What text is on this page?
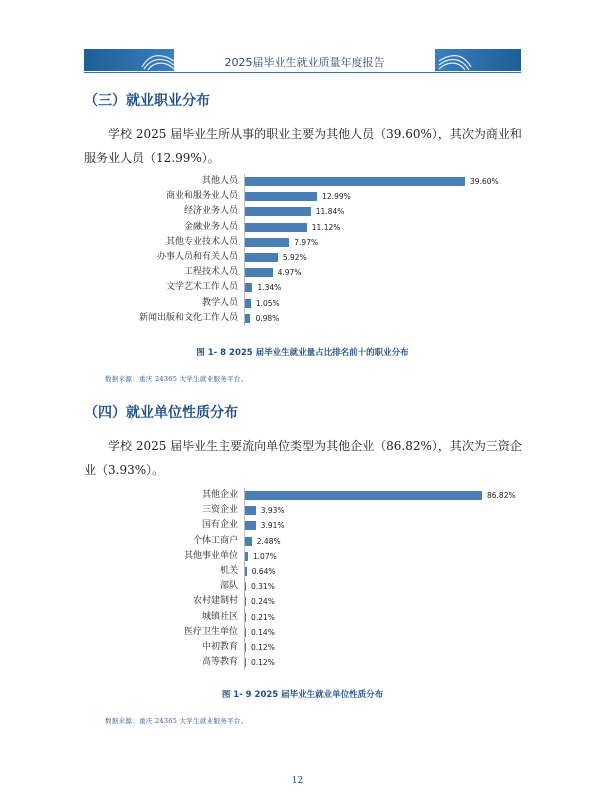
2025届毕业生就业质量年度报告
（三）就业职业分布
学校 2025 届毕业生所从事的职业主要为其他人员（39.60%），其次为商业和服务业人员（12.99%）。
其他人员	39.60%
商业和服务业人员	12.99%
经济业务人员	11.84%
金融业务人员	11.12%
其他专业技术人员	7.97%
办事人员和有关人员	5.92%
工程技术人员	4.97%
文学艺术工作人员	1.34%
教学人员 1.05%
新闻出版和文化工作人员 0.98%
图 1- 8 2025 届毕业生就业量占比排名前十的职业分布
数据来源：重庆 24365 大学生就业服务平台。
（四）就业单位性质分布
学校 2025 届毕业生主要流向单位类型为其他企业（86.82%），其次为三资企业（3.93%）。
其他企业	86.82%
三资企业	3.93%
国有企业	3.91%
个体工商户	2.48%
其他事业单位 1.07%
机关 0.64%
部队 0.31%
农村建制村 0.24%
城镇社区 0.21%
医疗卫生单位 0.14%
中初教育 0.12%
高等教育 0.12%
图 1- 9 2025 届毕业生就业单位性质分布
数据来源：重庆 24365 大学生就业服务平台。
12
